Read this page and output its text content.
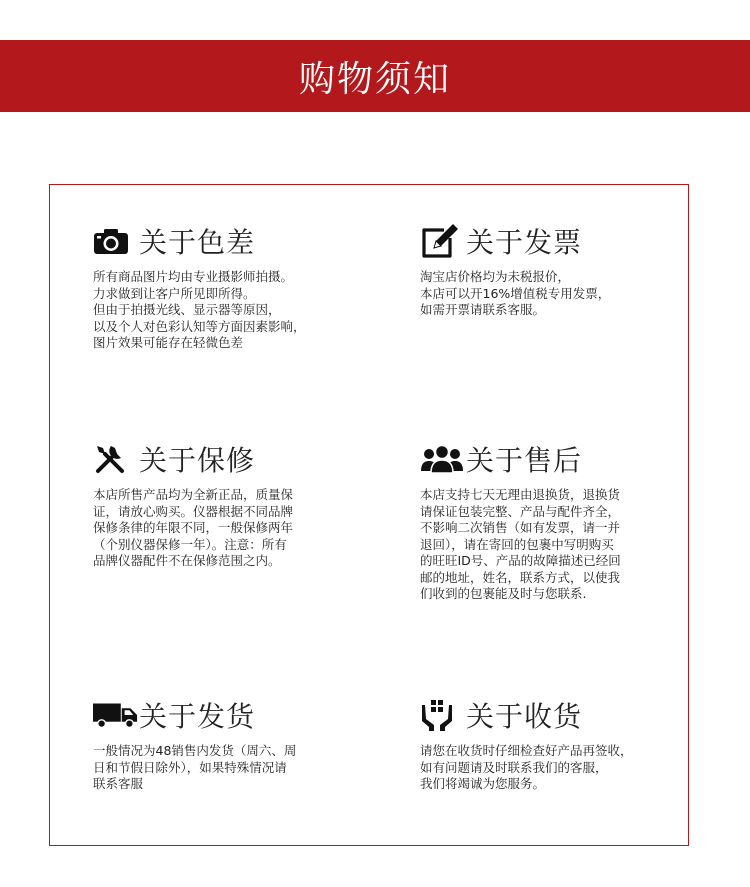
购物须知
关于色差
所有商品图片均由专业摄影师拍摄。
力求做到让客户所见即所得。
但由于拍摄光线、显示器等原因，
以及个人对色彩认知等方面因素影响，
图片效果可能存在轻微色差
关于发票
淘宝店价格均为未税报价，
本店可以开16%增值税专用发票，
如需开票请联系客服。
关于保修
本店所售产品均为全新正品，质量保
证，请放心购买。仪器根据不同品牌
保修条律的年限不同，一般保修两年
（个别仪器保修一年）。注意：所有
品牌仪器配件不在保修范围之内。
关于售后
本店支持七天无理由退换货，退换货
请保证包装完整、产品与配件齐全，
不影响二次销售（如有发票，请一并
退回），请在寄回的包裹中写明购买
的旺旺ID号、产品的故障描述已经回
邮的地址，姓名，联系方式，以使我
们收到的包裹能及时与您联系.
关于发货
一般情况为48销售内发货（周六、周
日和节假日除外），如果特殊情况请
联系客服
关于收货
请您在收货时仔细检查好产品再签收，
如有问题请及时联系我们的客服，
我们将竭诚为您服务。
